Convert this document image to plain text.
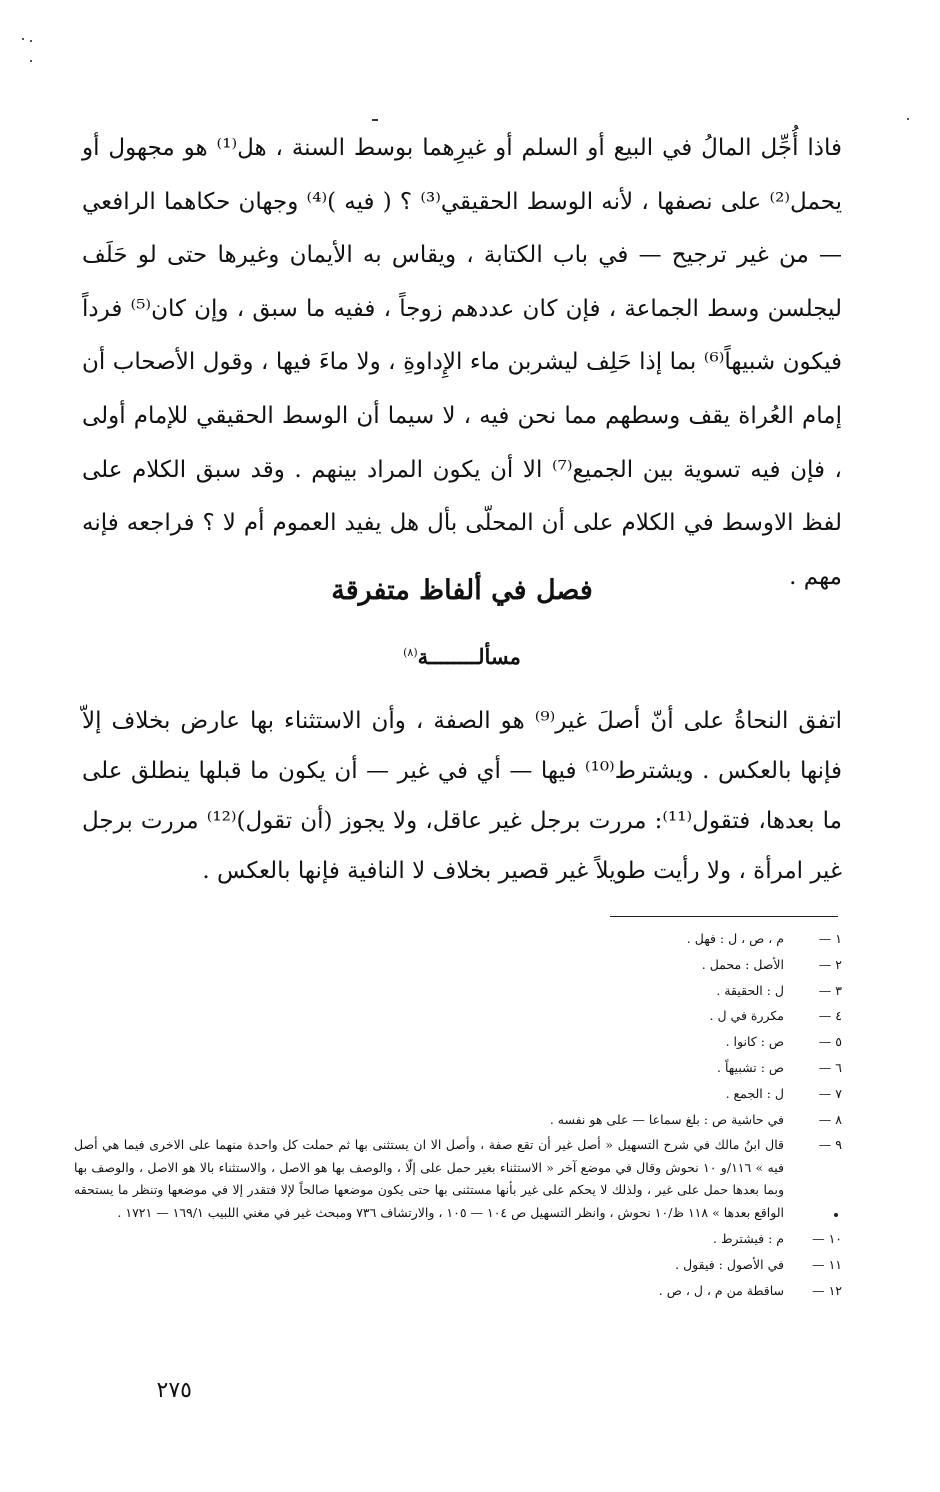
فاذا أُجِّل المالُ في البيع أو السلم أو غيرِهما بوسط السنة ، هل⁽¹⁾ هو مجهول أو يحمل⁽²⁾ على نصفها ، لأنه الوسط الحقيقي⁽³⁾ ؟ ( فيه )⁽⁴⁾ وجهان حكاهما الرافعي — من غير ترجيح — في باب الكتابة ، ويقاس به الأيمان وغيرها حتى لو حَلَف ليجلسن وسط الجماعة ، فإن كان عددهم زوجاً ، ففيه ما سبق ، وإن كان⁽⁵⁾ فرداً فيكون شبيهاً⁽⁶⁾ بما إذا حَلِف ليشربن ماء الإِداوةِ ، ولا ماءَ فيها ، وقول الأصحاب أن إمام العُراة يقف وسطهم مما نحن فيه ، لا سيما أن الوسط الحقيقي للإمام أولى ، فإن فيه تسوية بين الجميع⁽⁷⁾ الا أن يكون المراد بينهم . وقد سبق الكلام على لفظ الاوسط في الكلام على أن المحلّى بأل هل يفيد العموم أم لا ؟ فراجعه فإنه مهم .

فصل في ألفاظ متفرقة
مسألــــــــة$^{(٨)}$

اتفق النحاةُ على أنّ أصلَ غير⁽⁹⁾ هو الصفة ، وأن الاستثناء بها عارض بخلاف إلاّ فإنها بالعكس . ويشترط⁽¹⁰⁾ فيها — أي في غير — أن يكون ما قبلها ينطلق على ما بعدها، فتقول⁽¹¹⁾: مررت برجل غير عاقل، ولا يجوز (أن تقول)⁽¹²⁾ مررت برجل غير امرأة ، ولا رأيت طويلاً غير قصير بخلاف لا النافية فإنها بالعكس .

١ —
م ، ص ، ل : فهل .
٢ —
الأصل : محمل .
٣ —
ل : الحقيقة .
٤ —
مكررة في ل .
٥ —
ص : كانوا .
٦ —
ص : تشبيهاً .
٧ —
ل : الجمع .
٨ —
في حاشية ص : بلغ سماعا — على هو نفسه .
٩ —
قال ابنُ مالك في شرح التسهيل « أصل غير أن تقع صفة ، وأصل الا ان يستثنى بها ثم حملت كل واحدة منهما على الاخرى فيما هي أصل فيه » ١١٦/و ١٠ نحوش وقال في موضع آخر « الاستثناء بغير حمل على إلّا ، والوصف بها هو الاصل ، والاستثناء بالا هو الاصل ، والوصف بها وبما بعدها حمل على غير ، ولذلك لا يحكم على غير بأنها مستثنى بها حتى يكون موضعها صالحاً لإلا فتقدر إلا في موضعها وتنظر ما يستحقه الواقع بعدها » ١١٨ ظ/١٠ نحوش ، وانظر التسهيل ص ١٠٤ — ١٠٥ ، والارتشاف ٧٣٦ ومبحث غير في مغني اللبيب ١٦٩/١ — ١٧٢١ .
١٠ —
م : فيشترط .
١١ —
في الأصول : فيقول .
١٢ —
ساقطة من م ، ل ، ص .
٢٧٥
